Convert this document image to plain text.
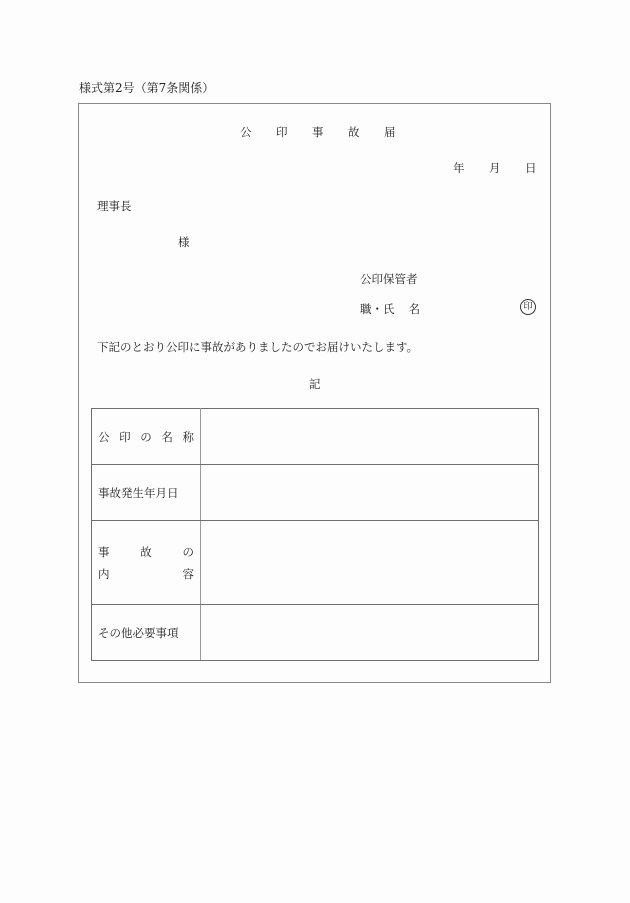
様式第2号（第7条関係）
公 印 事 故 届
年 月 日
理事長
様
公印保管者
職・氏 名	印
下記のとおり公印に事故がありましたのでお届けいたします。
記
公 印 の 名 称	

事故発生年月日	

事 故 の
内 容	

その他必要事項	
